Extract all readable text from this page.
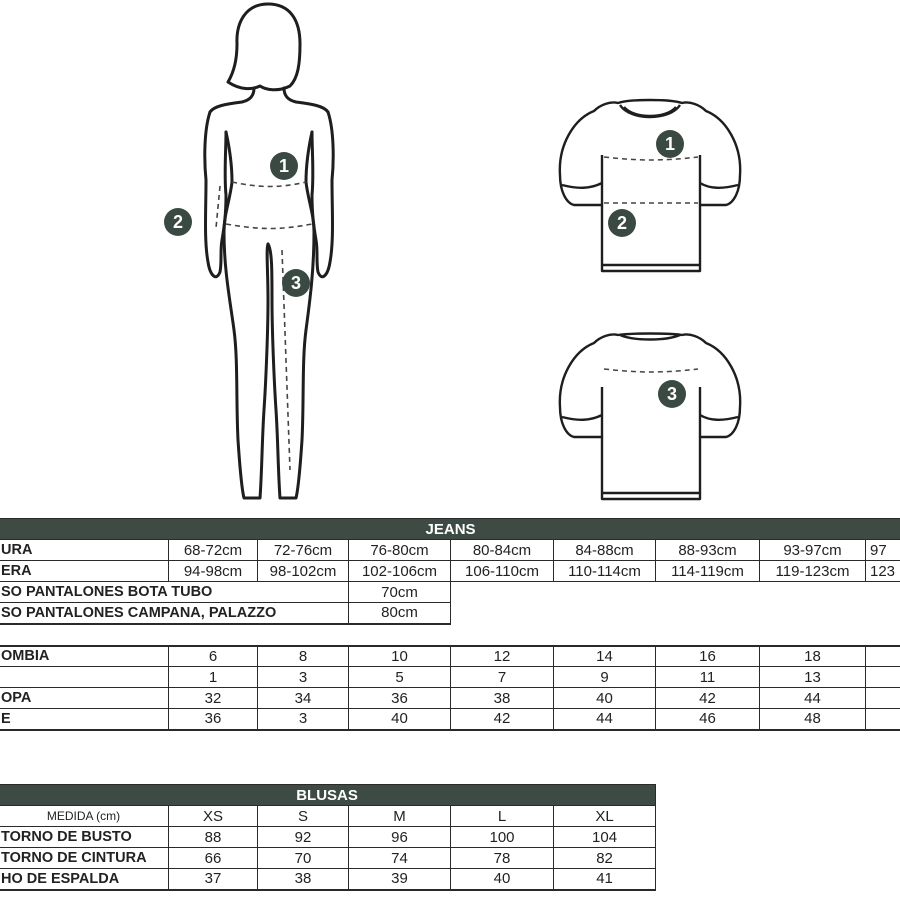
1
2
3
1
2
3
JEANS								
URA	68-72cm	72-76cm	76-80cm	80-84cm	84-88cm	88-93cm	93-97cm	97
ERA	94-98cm	98-102cm	102-106cm	106-110cm	110-114cm	114-119cm	119-123cm	123
SO PANTALONES BOTA TUBO			70cm					
SO PANTALONES CAMPANA, PALAZZO			80cm					

OMBIA	6	8	10	12	14	16	18	
	1	3	5	7	9	11	13	
OPA	32	34	36	38	40	42	44	
E	36	3	40	42	44	46	48	
BLUSAS					
MEDIDA (cm)	XS	S	M	L	XL
TORNO DE BUSTO	88	92	96	100	104
TORNO DE CINTURA	66	70	74	78	82
HO DE ESPALDA	37	38	39	40	41
